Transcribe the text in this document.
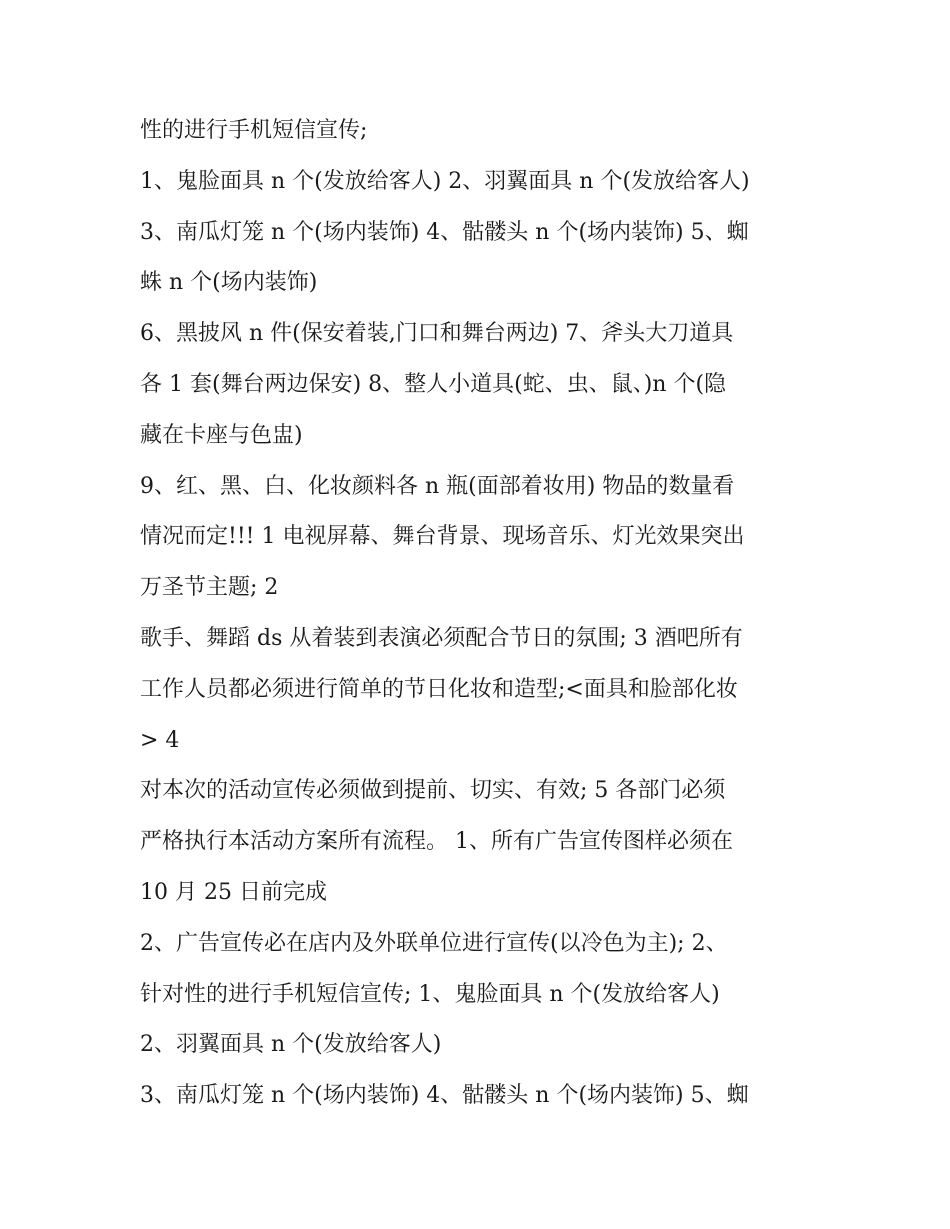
性的进行手机短信宣传;
1、鬼脸面具 n 个(发放给客人) 2、羽翼面具 n 个(发放给客人)
3、南瓜灯笼 n 个(场内装饰) 4、骷髅头 n 个(场内装饰) 5、蜘
蛛 n 个(场内装饰)
6、黑披风 n 件(保安着装,门口和舞台两边) 7、斧头大刀道具
各 1 套(舞台两边保安) 8、整人小道具(蛇、虫、鼠、)n 个(隐
藏在卡座与色盅)
9、红、黑、白、化妆颜料各 n 瓶(面部着妆用) 物品的数量看
情况而定!!! 1 电视屏幕、舞台背景、现场音乐、灯光效果突出
万圣节主题; 2
歌手、舞蹈 ds 从着装到表演必须配合节日的氛围; 3 酒吧所有
工作人员都必须进行简单的节日化妆和造型;<面具和脸部化妆
> 4
对本次的活动宣传必须做到提前、切实、有效; 5 各部门必须
严格执行本活动方案所有流程。 1、所有广告宣传图样必须在
10 月 25 日前完成
2、广告宣传必在店内及外联单位进行宣传(以冷色为主); 2、
针对性的进行手机短信宣传; 1、鬼脸面具 n 个(发放给客人)
2、羽翼面具 n 个(发放给客人)
3、南瓜灯笼 n 个(场内装饰) 4、骷髅头 n 个(场内装饰) 5、蜘
